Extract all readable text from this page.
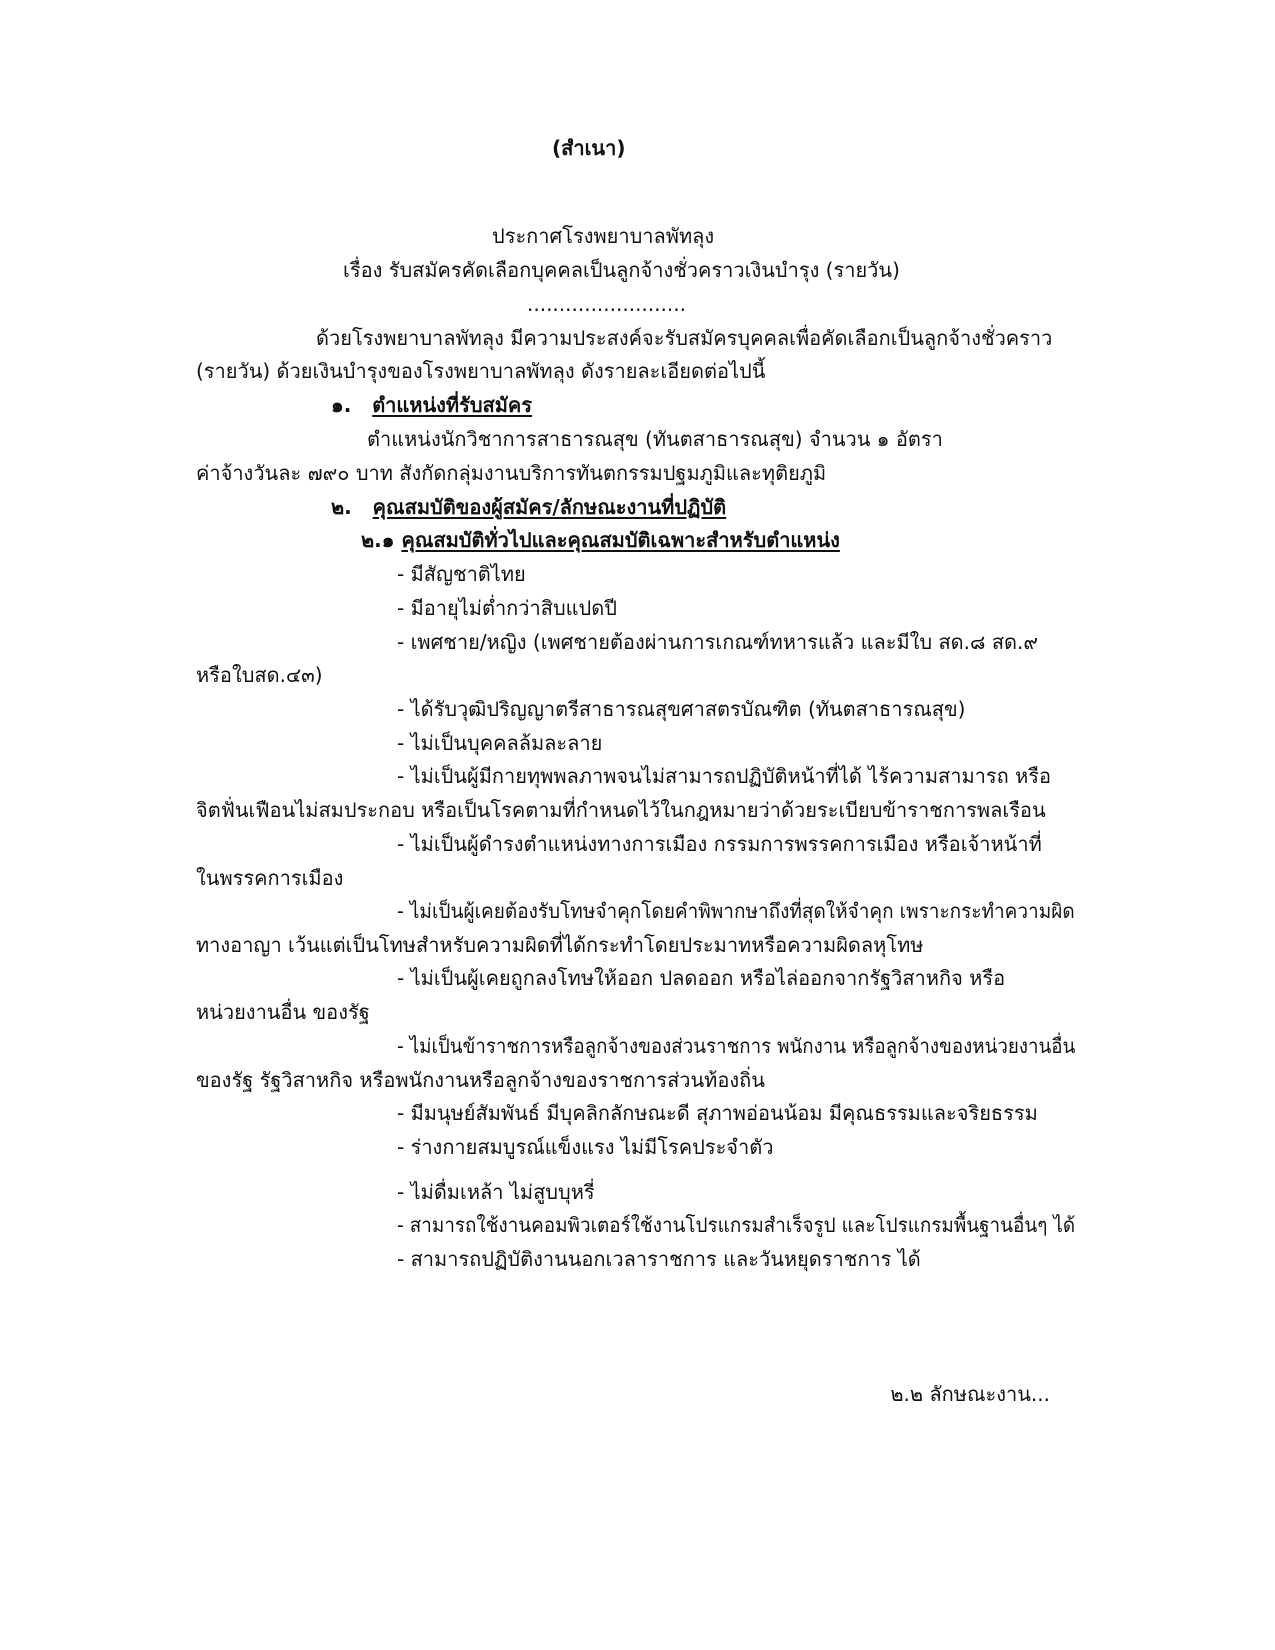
(สำเนา)
ประกาศโรงพยาบาลพัทลุง
เรื่อง รับสมัครคัดเลือกบุคคลเป็นลูกจ้างชั่วคราวเงินบำรุง (รายวัน)
.........................
ด้วยโรงพยาบาลพัทลุง มีความประสงค์จะรับสมัครบุคคลเพื่อคัดเลือกเป็นลูกจ้างชั่วคราว
(รายวัน) ด้วยเงินบำรุงของโรงพยาบาลพัทลุง ดังรายละเอียดต่อไปนี้
๑. ตำแหน่งที่รับสมัคร
ตำแหน่งนักวิชาการสาธารณสุข (ทันตสาธารณสุข) จำนวน ๑ อัตรา
ค่าจ้างวันละ ๗๙๐ บาท สังกัดกลุ่มงานบริการทันตกรรมปฐมภูมิและทุติยภูมิ
๒. คุณสมบัติของผู้สมัคร/ลักษณะงานที่ปฏิบัติ
๒.๑ คุณสมบัติทั่วไปและคุณสมบัติเฉพาะสำหรับตำแหน่ง
- มีสัญชาติไทย
- มีอายุไม่ต่ำกว่าสิบแปดปี
- เพศชาย/หญิง (เพศชายต้องผ่านการเกณฑ์ทหารแล้ว และมีใบ สด.๘ สด.๙
หรือใบสด.๔๓)
- ได้รับวุฒิปริญญาตรีสาธารณสุขศาสตรบัณฑิต (ทันตสาธารณสุข)
- ไม่เป็นบุคคลล้มละลาย
- ไม่เป็นผู้มีกายทุพพลภาพจนไม่สามารถปฏิบัติหน้าที่ได้ ไร้ความสามารถ หรือ
จิตฟั่นเฟือนไม่สมประกอบ หรือเป็นโรคตามที่กำหนดไว้ในกฎหมายว่าด้วยระเบียบข้าราชการพลเรือน
- ไม่เป็นผู้ดำรงตำแหน่งทางการเมือง กรรมการพรรคการเมือง หรือเจ้าหน้าที่
ในพรรคการเมือง
- ไม่เป็นผู้เคยต้องรับโทษจำคุกโดยคำพิพากษาถึงที่สุดให้จำคุก เพราะกระทำความผิด
ทางอาญา เว้นแต่เป็นโทษสำหรับความผิดที่ได้กระทำโดยประมาทหรือความผิดลหุโทษ
- ไม่เป็นผู้เคยถูกลงโทษให้ออก ปลดออก หรือไล่ออกจากรัฐวิสาหกิจ หรือ
หน่วยงานอื่น ของรัฐ
- ไม่เป็นข้าราชการหรือลูกจ้างของส่วนราชการ พนักงาน หรือลูกจ้างของหน่วยงานอื่น
ของรัฐ รัฐวิสาหกิจ หรือพนักงานหรือลูกจ้างของราชการส่วนท้องถิ่น
- มีมนุษย์สัมพันธ์ มีบุคลิกลักษณะดี สุภาพอ่อนน้อม มีคุณธรรมและจริยธรรม
- ร่างกายสมบูรณ์แข็งแรง ไม่มีโรคประจำตัว
- ไม่ดื่มเหล้า ไม่สูบบุหรี่
- สามารถใช้งานคอมพิวเตอร์ใช้งานโปรแกรมสำเร็จรูป และโปรแกรมพื้นฐานอื่นๆ ได้
- สามารถปฏิบัติงานนอกเวลาราชการ และวันหยุดราชการ ได้
๒.๒ ลักษณะงาน...
